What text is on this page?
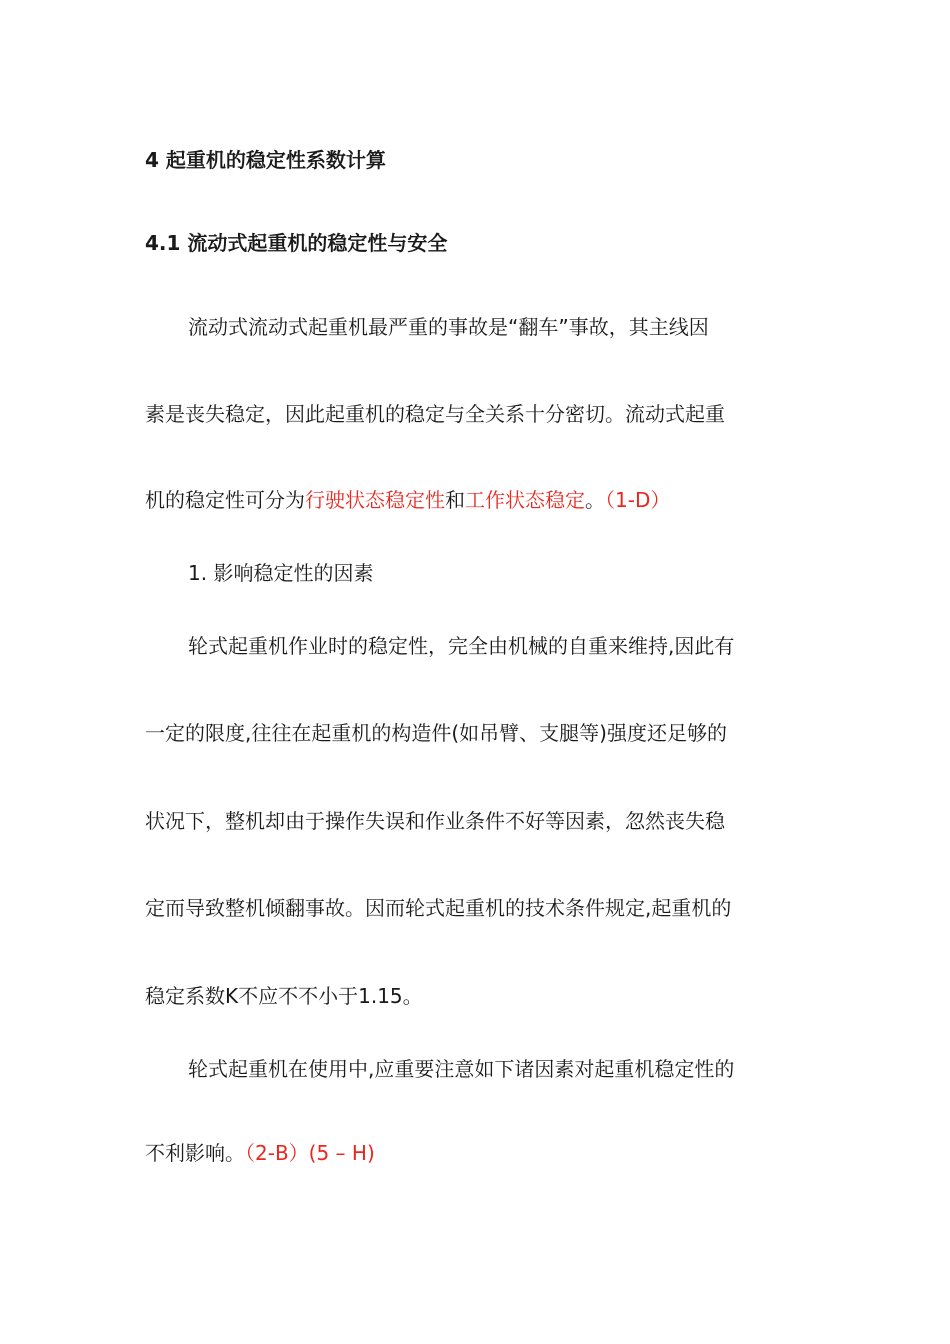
4 起重机的稳定性系数计算
4.1 流动式起重机的稳定性与安全
流动式流动式起重机最严重的事故是“翻车”事故，其主线因
素是丧失稳定，因此起重机的稳定与全关系十分密切。流动式起重
机的稳定性可分为行驶状态稳定性和工作状态稳定。（1-D）
1. 影响稳定性的因素
轮式起重机作业时的稳定性，完全由机械的自重来维持,因此有
一定的限度,往往在起重机的构造件(如吊臂、支腿等)强度还足够的
状况下，整机却由于操作失误和作业条件不好等因素，忽然丧失稳
定而导致整机倾翻事故。因而轮式起重机的技术条件规定,起重机的
稳定系数K不应不不小于1.15。
轮式起重机在使用中,应重要注意如下诸因素对起重机稳定性的
不利影响。（2-B）(5 – H)
